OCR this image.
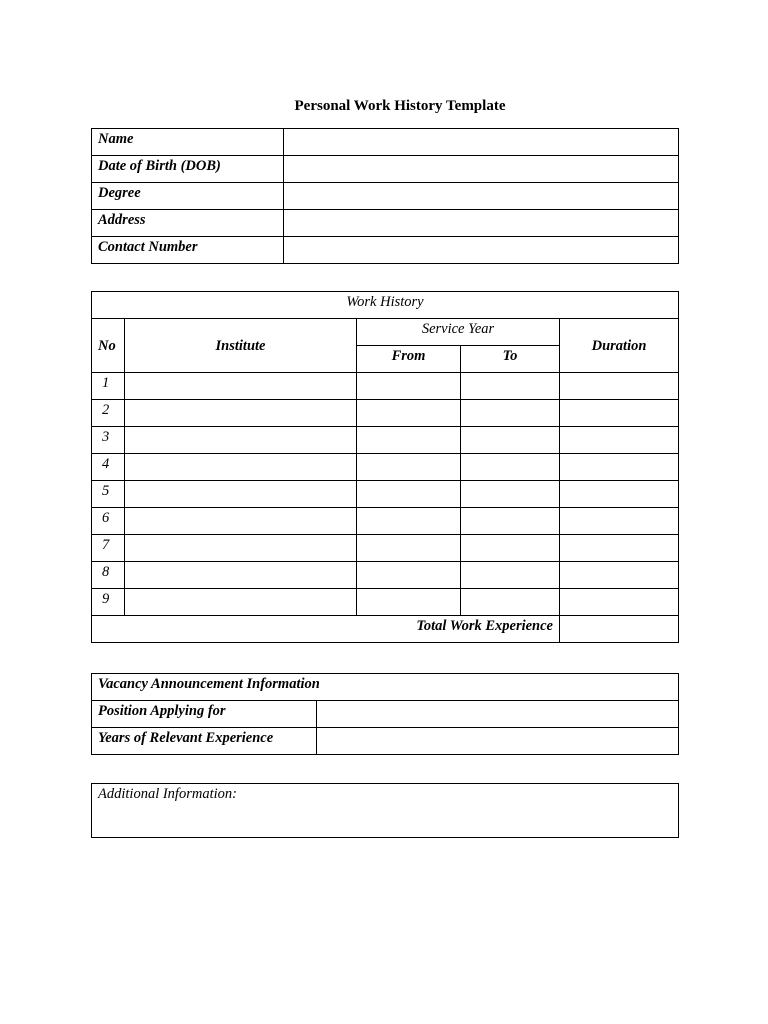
Personal Work History Template
Name	
Date of Birth (DOB)	
Degree	
Address	
Contact Number	
Work History				
No	Institute	Service Year		Duration
		From	To	
1				
2				
3				
4				
5				
6				
7				
8				
9				
Total Work Experience				
Vacancy Announcement Information	
Position Applying for	
Years of Relevant Experience	
Additional Information:
